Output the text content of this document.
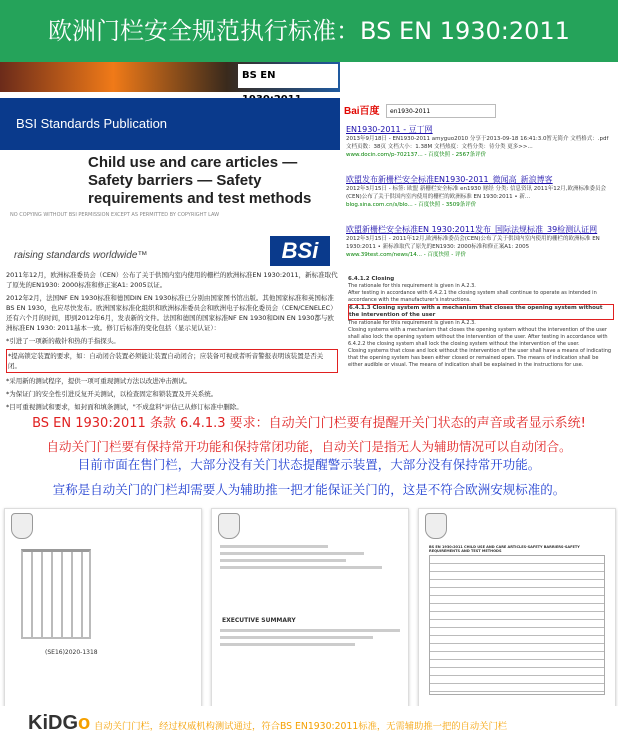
欧洲门栏安全规范执行标准：BS EN 1930:2011
BS EN
BSI Standards Publication
Child use and care articles — Safety barriers — Safety requirements and test methods
NO COPYING WITHOUT BSI PERMISSION EXCEPT AS PERMITTED BY COPYRIGHT LAW
raising standards worldwide™	BSi

2011年12月，欧洲标准委员会（CEN）公布了关于供国内室内使用的栅栏的欧洲标准EN 1930:2011，新标准取代了原先的EN1930: 2000标准和修正案A1: 2005以证。

2012年2月，法国NF EN 1930标准和德国DIN EN 1930标准已分别由国家图书馆出版。其他国家标准和英国标准BS EN 1930，也应尽快发布。欧洲国家标准化组织和欧洲标准委员会和欧洲电子标准化委员会（CEN/CENELEC）还有六个月的时间，即到2012年6月，发表新的文件。法国和德国的国家标准NF EN 1930和DIN EN 1930都与欧洲标准EN 1930: 2011基本一致。修订后标准的变化包括（显示见认证）：

*引进了一项新的截针和热的手指探头。

*提高锁定装置的要求，如：自动闭合装置必须能让装置自动闭合；应装备可视或者听音警报表明该装置是否关闭。

*采用新的测试程序，提供一项可重现测试方法以改进冲击测试。

*为保证门的安全性引进反复开关测试，以检查固定和锁装置及开关系统。

*目可重视测试和要求，如封面和填条测试，"不成盘料"评估已从修订标准中删除。

Bai百度	en1930-2011
EN1930-2011 - 豆丁网
2013年9月18日 - EN1930-2011 amyguo2010 分享于2013-09-18 16:41:3.0暂无简介 文档格式：.pdf 文档页数：38页 文档大小：1.38M 文档热度：文档分类：待分类 更多>>...
www.docin.com/p-702137... - 百度快照 - 2567条评价
欧盟发布新栅栏安全标准EN1930-2011_微闻高_新浪博客
2012年3月15日 - 标签: 欧盟 新栅栏安全标准 en1930 财经 分类: 信息资讯 2011年12月,欧洲标准委员会(CEN)公布了关于供国内室内使用的栅栏的欧洲标准 EN 1930:2011 • 新...
blog.sina.com.cn/s/blo... - 百度快照 - 3509条评价
欧盟新栅栏安全标准EN 1930:2011发布_国际法规标准_39检测认证网
2012年3月15日 - 2011年12月,欧洲标准委员会(CEN)公布了关于供国内室内使用的栅栏的欧洲标准 EN 1930:2011 • 新标准取代了原先的EN1930: 2000标准和修正案A1: 2005
www.39test.com/news/14... - 百度快照 - 评价
6.4.1.2 Closing
The rationale for this requirement is given in A.2.3.
After testing in accordance with 6.4.2.1 the closing system shall continue to operate as intended in accordance with the manufacturer's instructions.
6.4.1.3 Closing system with a mechanism that closes the opening system without the intervention of the user
The rationale for this requirement is given in A.2.3.
Closing systems with a mechanism that closes the opening system without the intervention of the user shall also lock the opening system without the intervention of the user. After testing in accordance with 6.4.2.2 the closing system shall lock the closing system without the intervention of the user.
Closing systems that close and lock without the intervention of the user shall have a means of indicating that the opening system has been either closed or remained open. The means of indication shall be either audible or visual. The means of indication shall be explained in the instructions for use.
BS EN 1930:2011 条款 6.4.1.3 要求：自动关门门栏要有提醒开关门状态的声音或者显示系统!
自动关门门栏要有保持常开功能和保持常闭功能，自动关门是指无人为辅助情况可以自动闭合。
目前市面在售门栏，大部分没有关门状态提醒警示装置，大部分没有保持常开功能。
宣称是自动关门的门栏却需要人为辅助推一把才能保证关门的，这是不符合欧洲安规标准的。
(SE16)2020-1318
EXECUTIVE SUMMARY
BS EN 1930:2011 CHILD USE AND CARE ARTICLES-SAFETY BARRIERS-SAFETY REQUIREMENTS AND TEST METHODS
KiDGo 自动关门门栏，经过权威机构测试通过，符合BS EN1930:2011标准，无需辅助推一把的自动关门栏
